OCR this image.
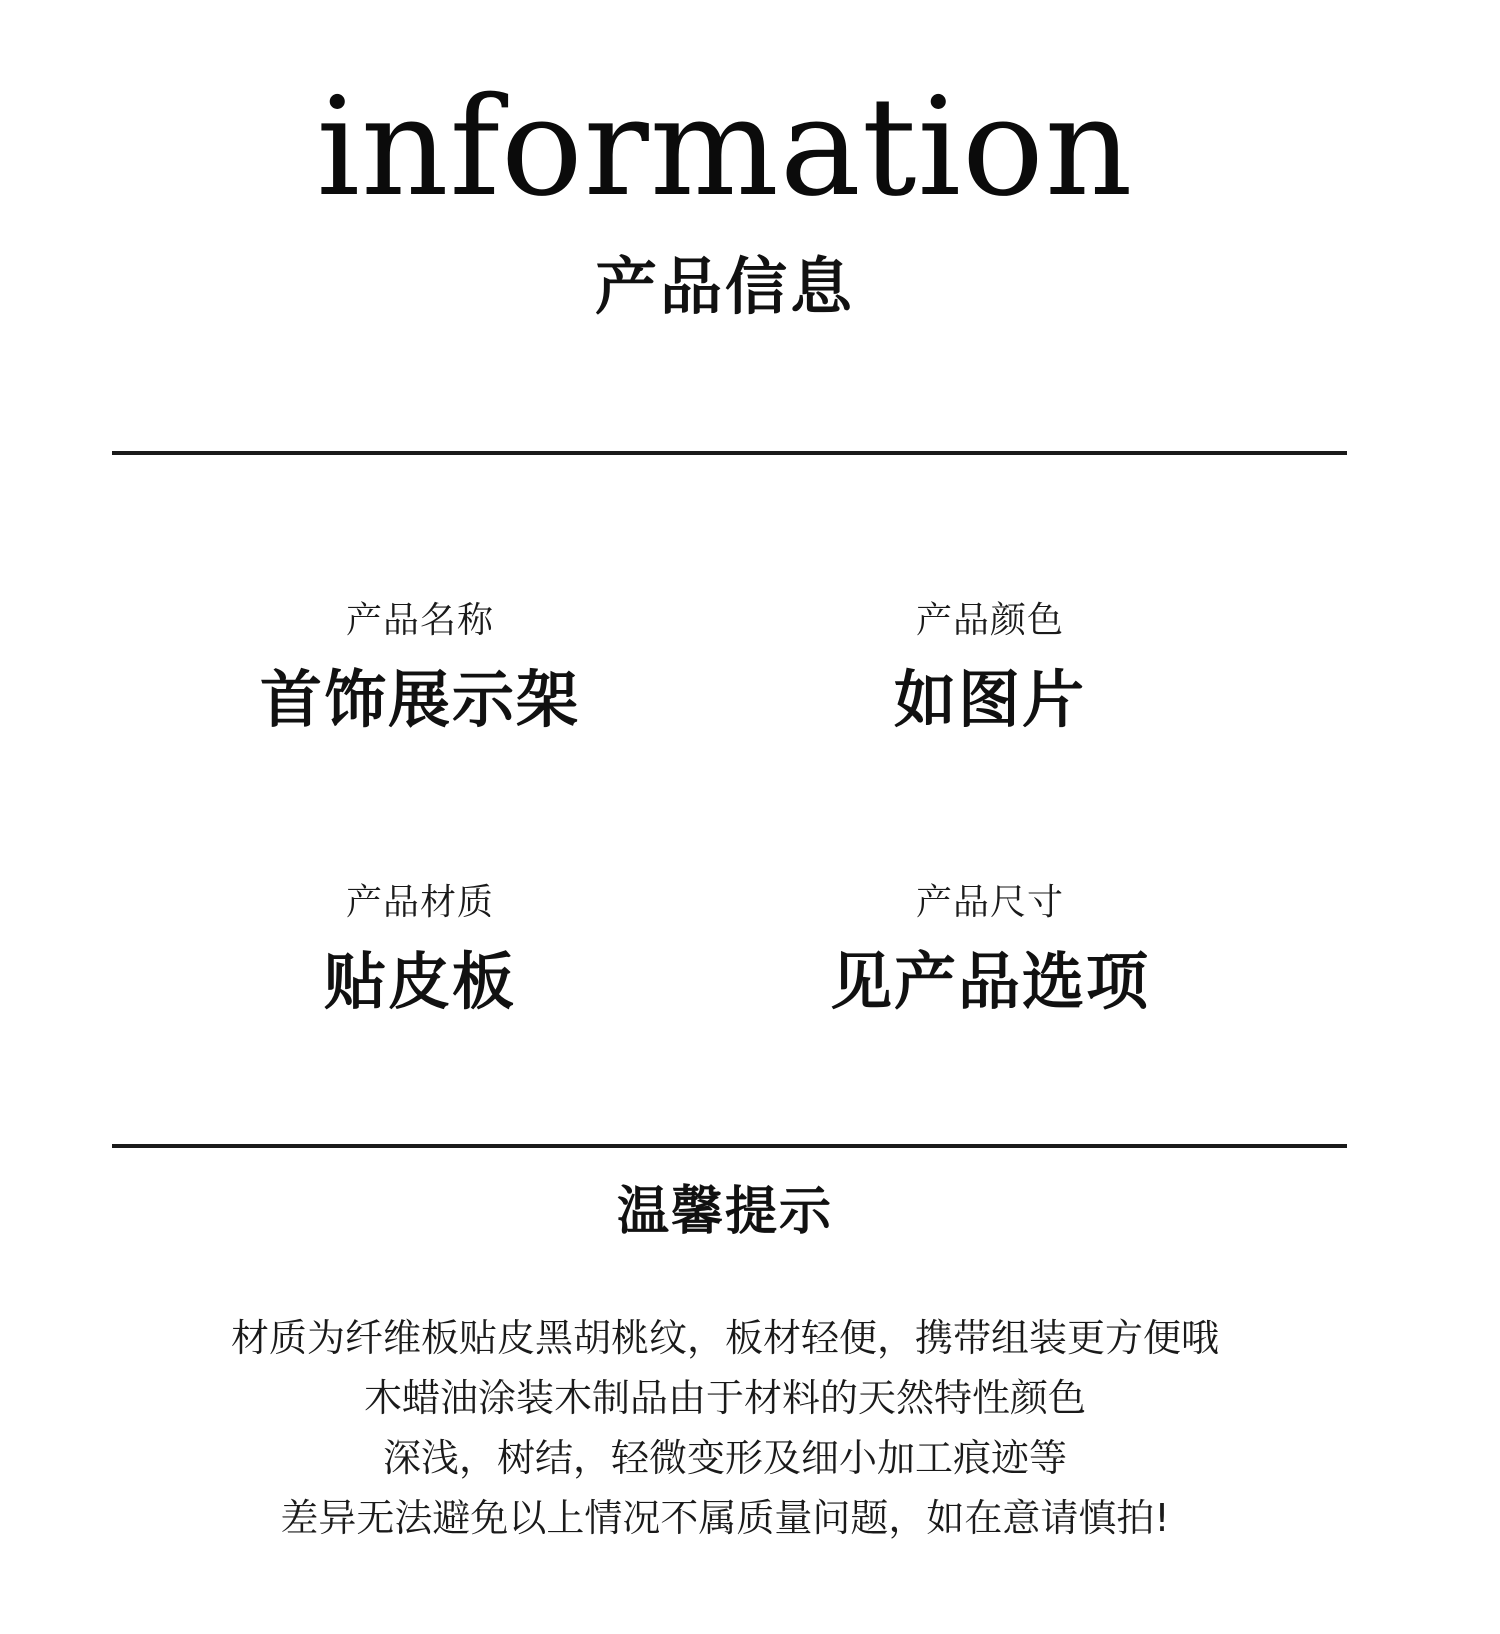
information
产品信息
产品名称
首饰展示架
产品颜色
如图片
产品材质
贴皮板
产品尺寸
见产品选项
温馨提示
材质为纤维板贴皮黑胡桃纹，板材轻便，携带组装更方便哦
木蜡油涂装木制品由于材料的天然特性颜色
深浅，树结，轻微变形及细小加工痕迹等
差异无法避免以上情况不属质量问题，如在意请慎拍!
